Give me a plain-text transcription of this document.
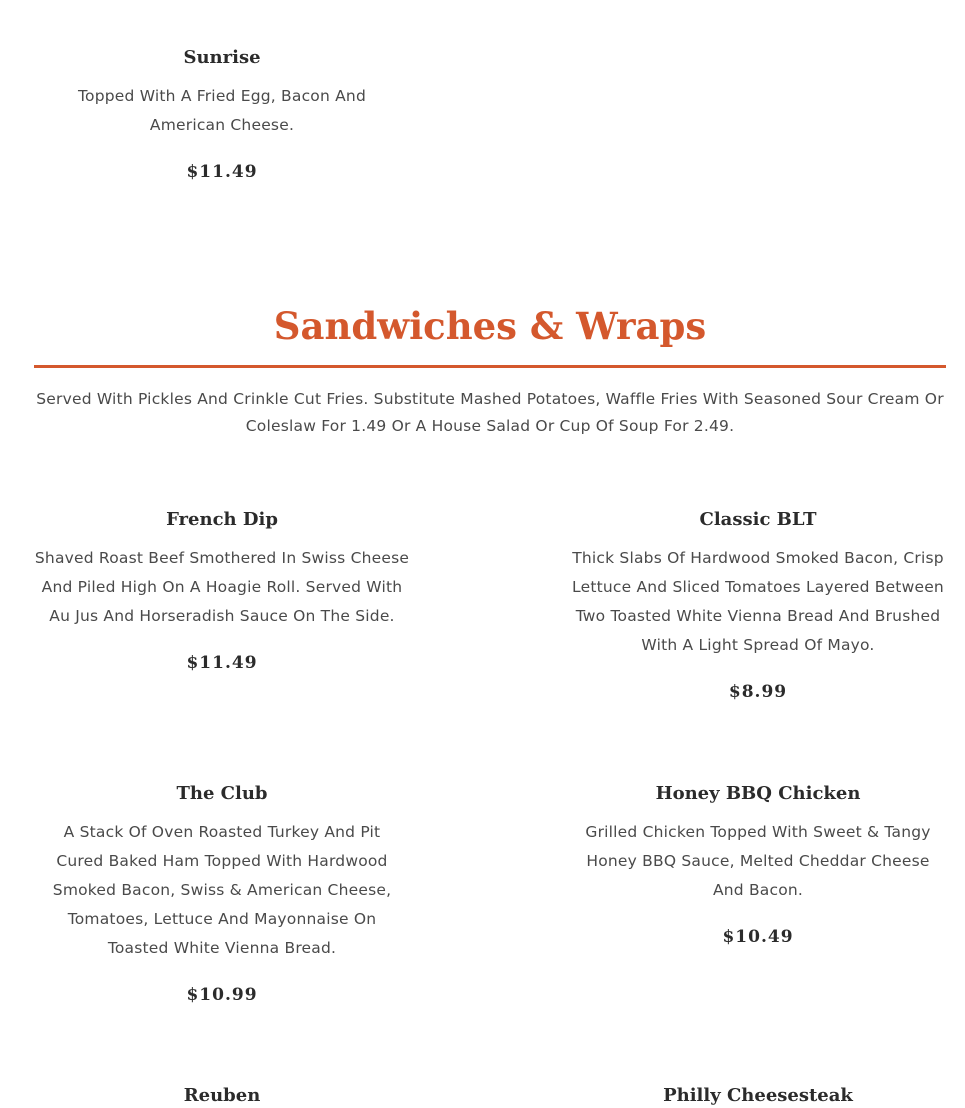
Sunrise

Topped With A Fried Egg, Bacon And American Cheese.

$11.49

Sandwiches & Wraps

Served With Pickles And Crinkle Cut Fries. Substitute Mashed Potatoes, Waffle Fries With Seasoned Sour Cream Or Coleslaw For 1.49 Or A House Salad Or Cup Of Soup For 2.49.

French Dip

Shaved Roast Beef Smothered In Swiss Cheese And Piled High On A Hoagie Roll. Served With Au Jus And Horseradish Sauce On The Side.

$11.49

Classic BLT

Thick Slabs Of Hardwood Smoked Bacon, Crisp Lettuce And Sliced Tomatoes Layered Between Two Toasted White Vienna Bread And Brushed With A Light Spread Of Mayo.

$8.99

The Club

A Stack Of Oven Roasted Turkey And Pit Cured Baked Ham Topped With Hardwood Smoked Bacon, Swiss & American Cheese, Tomatoes, Lettuce And Mayonnaise On Toasted White Vienna Bread.

$10.99

Honey BBQ Chicken

Grilled Chicken Topped With Sweet & Tangy Honey BBQ Sauce, Melted Cheddar Cheese And Bacon.

$10.49

Reuben	Philly Cheesesteak
